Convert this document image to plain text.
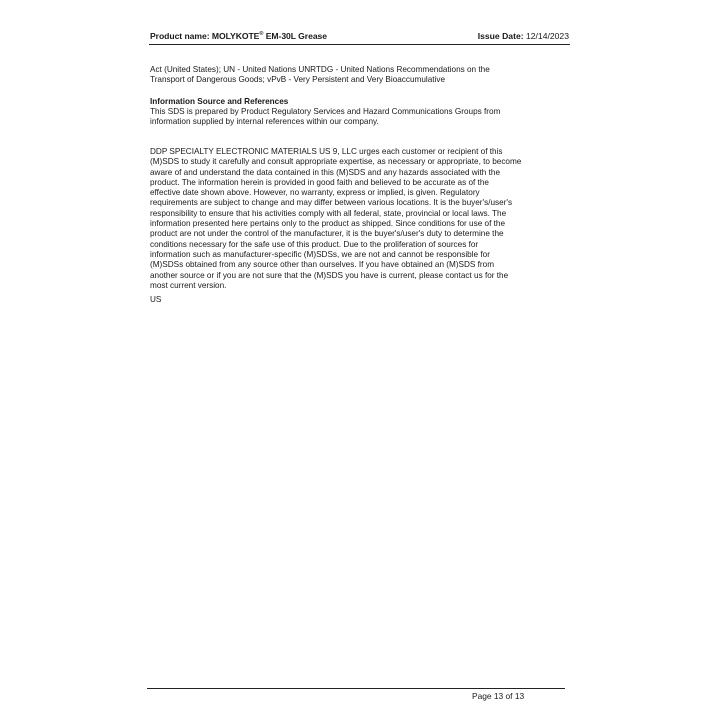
Product name: MOLYKOTE® EM-30L Grease	Issue Date: 12/14/2023
Act (United States); UN - United Nations UNRTDG - United Nations Recommendations on the
Transport of Dangerous Goods; vPvB - Very Persistent and Very Bioaccumulative
Information Source and References
This SDS is prepared by Product Regulatory Services and Hazard Communications Groups from
information supplied by internal references within our company.
DDP SPECIALTY ELECTRONIC MATERIALS US 9, LLC urges each customer or recipient of this
(M)SDS to study it carefully and consult appropriate expertise, as necessary or appropriate, to become
aware of and understand the data contained in this (M)SDS and any hazards associated with the
product. The information herein is provided in good faith and believed to be accurate as of the
effective date shown above. However, no warranty, express or implied, is given. Regulatory
requirements are subject to change and may differ between various locations. It is the buyer's/user's
responsibility to ensure that his activities comply with all federal, state, provincial or local laws. The
information presented here pertains only to the product as shipped. Since conditions for use of the
product are not under the control of the manufacturer, it is the buyer's/user's duty to determine the
conditions necessary for the safe use of this product. Due to the proliferation of sources for
information such as manufacturer-specific (M)SDSs, we are not and cannot be responsible for
(M)SDSs obtained from any source other than ourselves. If you have obtained an (M)SDS from
another source or if you are not sure that the (M)SDS you have is current, please contact us for the
most current version.
US
Page 13 of 13
